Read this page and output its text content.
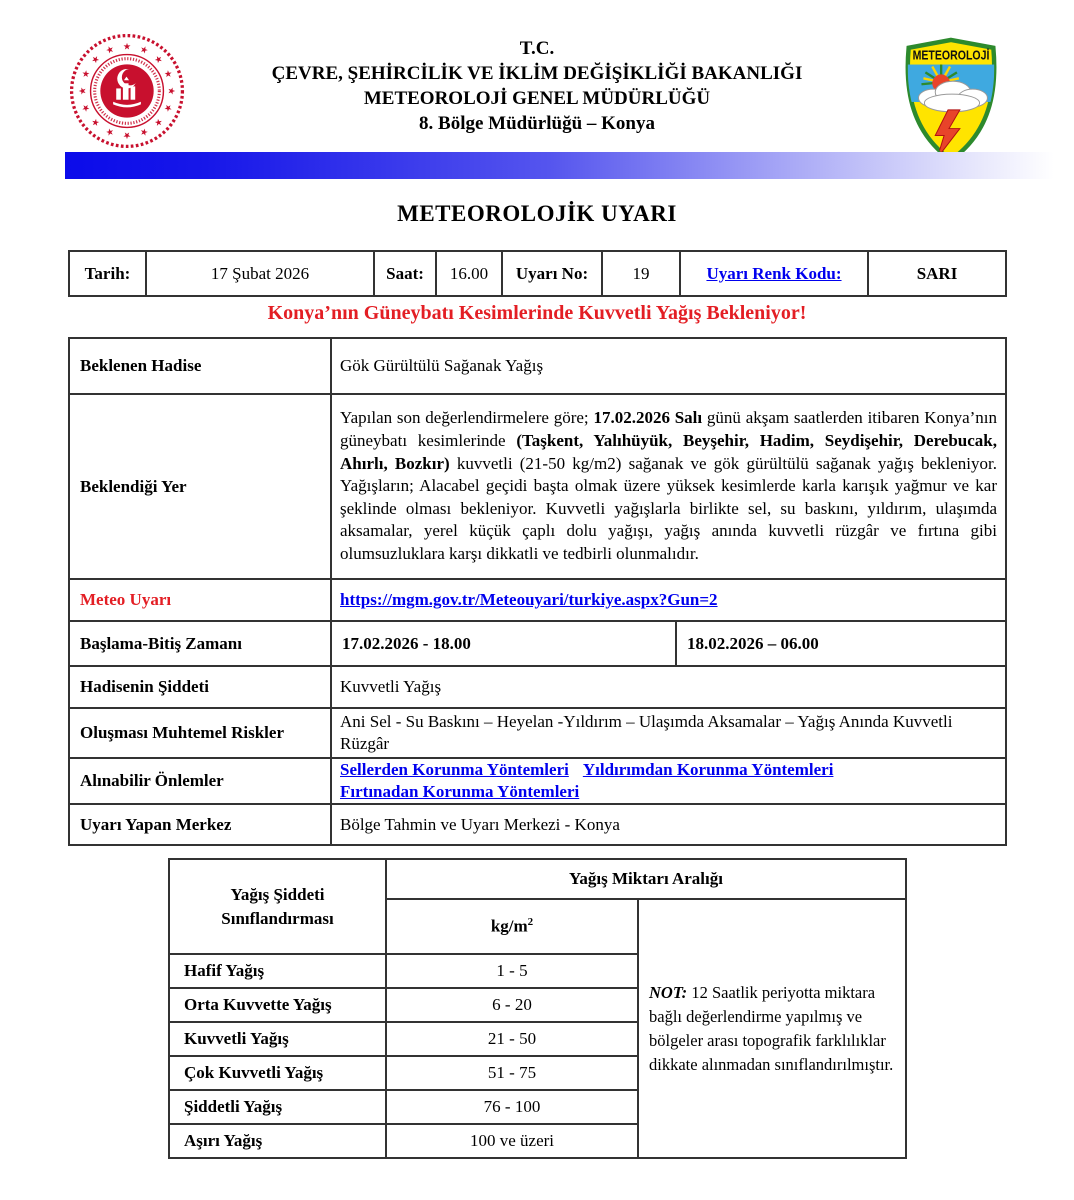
★ ★
★
★
★
★
★
★
★
★
★
★
★
★
★
★	T.C.
ÇEVRE, ŞEHİRCİLİK VE İKLİM DEĞİŞİKLİĞİ BAKANLIĞI
METEOROLOJİ GENEL MÜDÜRLÜĞÜ
8. Bölge Müdürlüğü – Konya
METEOROLOJİ
METEOROLOJİK UYARI
Tarih:	17 Şubat 2026	Saat:	16.00	Uyarı No:	19	Uyarı Renk Kodu:	SARI
Konya’nın Güneybatı Kesimlerinde Kuvvetli Yağış Bekleniyor!
Beklenen Hadise	Gök Gürültülü Sağanak Yağış	
Beklendiği Yer	Yapılan son değerlendirmelere göre; 17.02.2026 Salı günü akşam saatlerden itibaren Konya’nın güneybatı kesimlerinde (Taşkent, Yalıhüyük, Beyşehir, Hadim, Seydişehir, Derebucak, Ahırlı, Bozkır) kuvvetli (21-50 kg/m2) sağanak ve gök gürültülü sağanak yağış bekleniyor. Yağışların; Alacabel geçidi başta olmak üzere yüksek kesimlerde karla karışık yağmur ve kar şeklinde olması bekleniyor. Kuvvetli yağışlarla birlikte sel, su baskını, yıldırım, ulaşımda aksamalar, yerel küçük çaplı dolu yağışı, yağış anında kuvvetli rüzgâr ve fırtına gibi olumsuzluklara karşı dikkatli ve tedbirli olunmalıdır.	

Meteo Uyarı	https://mgm.gov.tr/Meteouyari/turkiye.aspx?Gun=2	
Başlama-Bitiş Zamanı	17.02.2026 - 18.00	18.02.2026 – 06.00
Hadisenin Şiddeti	Kuvvetli Yağış	
Oluşması Muhtemel Riskler	Ani Sel - Su Baskını – Heyelan -Yıldırım – Ulaşımda Aksamalar – Yağış Anında Kuvvetli Rüzgâr	
Alınabilir Önlemler	Sellerden Korunma Yöntemleri Yıldırımdan Korunma Yöntemleri
Fırtınadan Korunma Yöntemleri	
Uyarı Yapan Merkez	Bölge Tahmin ve Uyarı Merkezi - Konya	
Yağış Şiddeti Sınıflandırması	Yağış Miktarı Aralığı	
	$kg/m^2$	NOT: 12 Saatlik periyotta miktara bağlı değerlendirme yapılmış ve bölgeler arası topografik farklılıklar dikkate alınmadan sınıflandırılmıştır.
Hafif Yağış	1 - 5	
Orta Kuvvette Yağış	6 - 20	
Kuvvetli Yağış	21 - 50	
Çok Kuvvetli Yağış	51 - 75	
Şiddetli Yağış	76 - 100	
Aşırı Yağış	100 ve üzeri	
